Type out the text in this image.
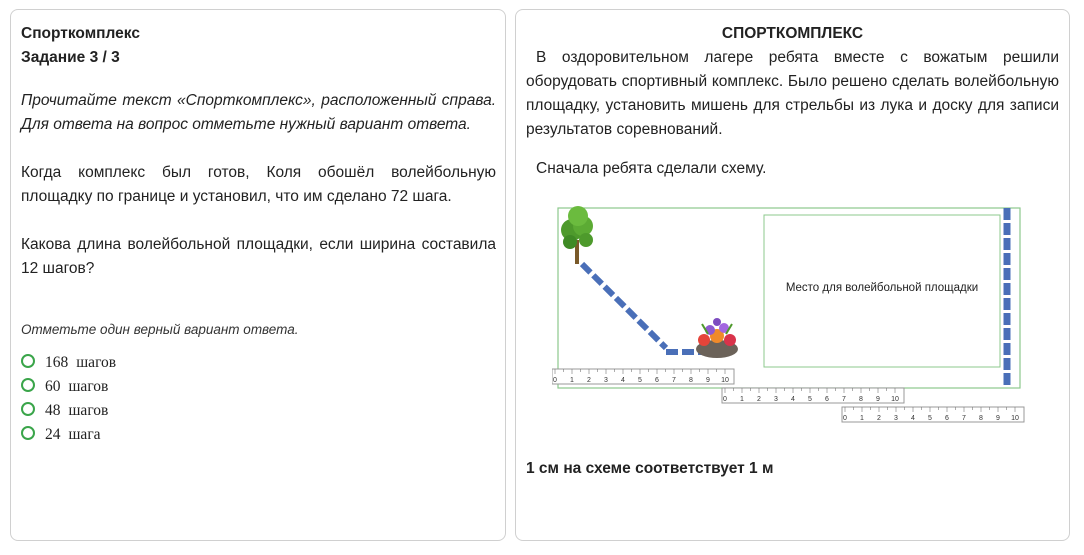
Спорткомплекс
Задание 3 / 3

Прочитайте текст «Спорткомплекс», расположенный справа. Для ответа на вопрос отметьте нужный вариант ответа.

Когда комплекс был готов, Коля обошёл волейбольную площадку по границе и установил, что им сделано 72 шага.

Какова длина волейбольной площадки, если ширина составила 12 шагов?

Отметьте один верный вариант ответа.

168 шагов
60 шагов
48 шагов
24 шага
СПОРТКОМПЛЕКС

В оздоровительном лагере ребята вместе с вожатым решили оборудовать спортивный комплекс. Было решено сделать волейбольную площадку, установить мишень для стрельбы из лука и доску для записи результатов соревнований.

Сначала ребята сделали схему.

Место для волейбольной площадки
0 1 2 3 4 5 6 7 8 9 10
0 1 2 3 4 5 6 7 8 9 10
0 1 2 3 4 5 6 7 8 9 10
1 см на схеме соответствует 1 м
